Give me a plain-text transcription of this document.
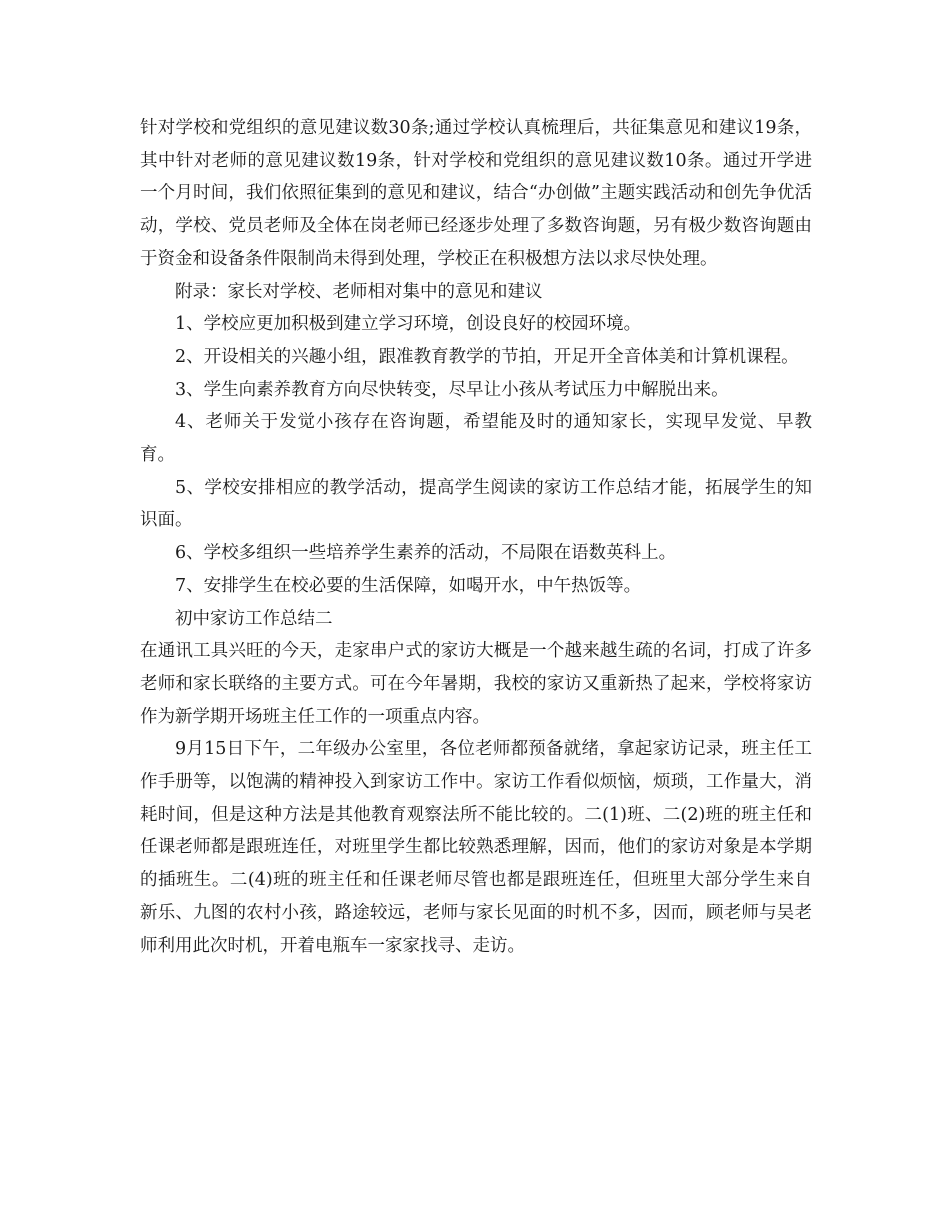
针对学校和党组织的意见建议数30条;通过学校认真梳理后，共征集意见和建议19条，其中针对老师的意见建议数19条，针对学校和党组织的意见建议数10条。通过开学进一个月时间，我们依照征集到的意见和建议，结合“办创做”主题实践活动和创先争优活动，学校、党员老师及全体在岗老师已经逐步处理了多数咨询题，另有极少数咨询题由于资金和设备条件限制尚未得到处理，学校正在积极想方法以求尽快处理。

附录：家长对学校、老师相对集中的意见和建议

1、学校应更加积极到建立学习环境，创设良好的校园环境。

2、开设相关的兴趣小组，跟准教育教学的节拍，开足开全音体美和计算机课程。

3、学生向素养教育方向尽快转变，尽早让小孩从考试压力中解脱出来。

4、老师关于发觉小孩存在咨询题，希望能及时的通知家长，实现早发觉、早教育。

5、学校安排相应的教学活动，提高学生阅读的家访工作总结才能，拓展学生的知识面。

6、学校多组织一些培养学生素养的活动，不局限在语数英科上。

7、安排学生在校必要的生活保障，如喝开水，中午热饭等。

初中家访工作总结二

在通讯工具兴旺的今天，走家串户式的家访大概是一个越来越生疏的名词，打成了许多老师和家长联络的主要方式。可在今年暑期，我校的家访又重新热了起来，学校将家访作为新学期开场班主任工作的一项重点内容。

9月15日下午，二年级办公室里，各位老师都预备就绪，拿起家访记录，班主任工作手册等，以饱满的精神投入到家访工作中。家访工作看似烦恼，烦琐，工作量大，消耗时间，但是这种方法是其他教育观察法所不能比较的。二(1)班、二(2)班的班主任和任课老师都是跟班连任，对班里学生都比较熟悉理解，因而，他们的家访对象是本学期的插班生。二(4)班的班主任和任课老师尽管也都是跟班连任，但班里大部分学生来自新乐、九图的农村小孩，路途较远，老师与家长见面的时机不多，因而，顾老师与吴老师利用此次时机，开着电瓶车一家家找寻、走访。
